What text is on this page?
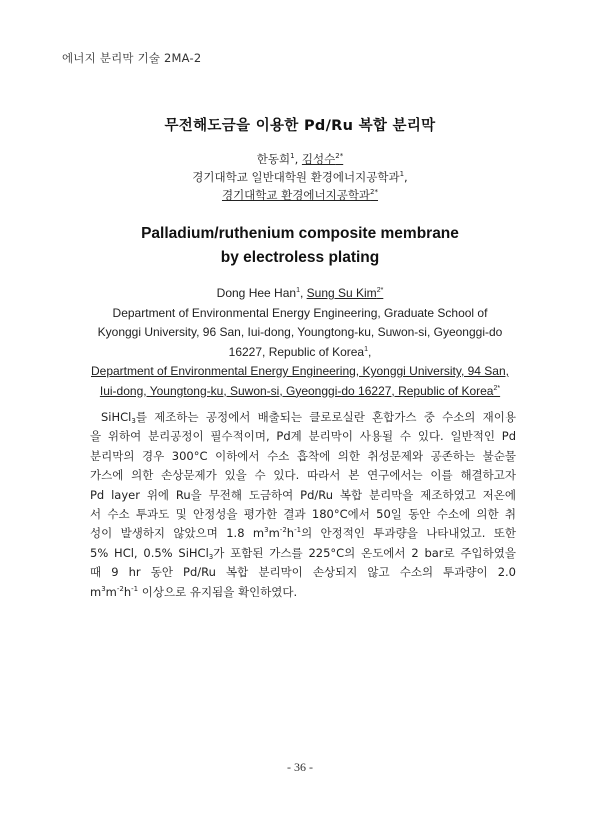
에너지 분리막 기술 2MA-2
무전해도금을 이용한 Pd/Ru 복합 분리막
한동희$^1$, 김성수$^{2*}$
경기대학교 일반대학원 환경에너지공학과$^1$,
경기대학교 환경에너지공학과$^{2*}$
Palladium/ruthenium composite membrane
by electroless plating
Dong Hee Han$^1$, Sung Su Kim$^{2*}$
Department of Environmental Energy Engineering, Graduate School of
Kyonggi University, 96 San, Iui-dong, Youngtong-ku, Suwon-si, Gyeonggi-do
16227, Republic of Korea$^1$,
Department of Environmental Energy Engineering, Kyonggi University, 94 San,
Iui-dong, Youngtong-ku, Suwon-si, Gyeonggi-do 16227, Republic of Korea$^{2*}$
SiHCl$_3$를 제조하는 공정에서 배출되는 클로로실란 혼합가스 중 수소의 재이용
을 위하여 분리공정이 필수적이며, Pd계 분리막이 사용될 수 있다. 일반적인 Pd
분리막의 경우 300°C 이하에서 수소 흡착에 의한 취성문제와 공존하는 불순물
가스에 의한 손상문제가 있을 수 있다. 따라서 본 연구에서는 이를 해결하고자
Pd layer 위에 Ru을 무전해 도금하여 Pd/Ru 복합 분리막을 제조하였고 저온에
서 수소 투과도 및 안정성을 평가한 결과 180°C에서 50일 동안 수소에 의한 취
성이 발생하지 않았으며 1.8 $m^3m^{-2}h^{-1}$의 안정적인 투과량을 나타내었고. 또한
5% HCl, 0.5% SiHCl$_3$가 포함된 가스를 225°C의 온도에서 2 bar로 주입하였을
때 9 hr 동안 Pd/Ru 복합 분리막이 손상되지 않고 수소의 투과량이 2.0
$m^3m^{-2}h^{-1}$ 이상으로 유지됨을 확인하였다.
- 36 -
